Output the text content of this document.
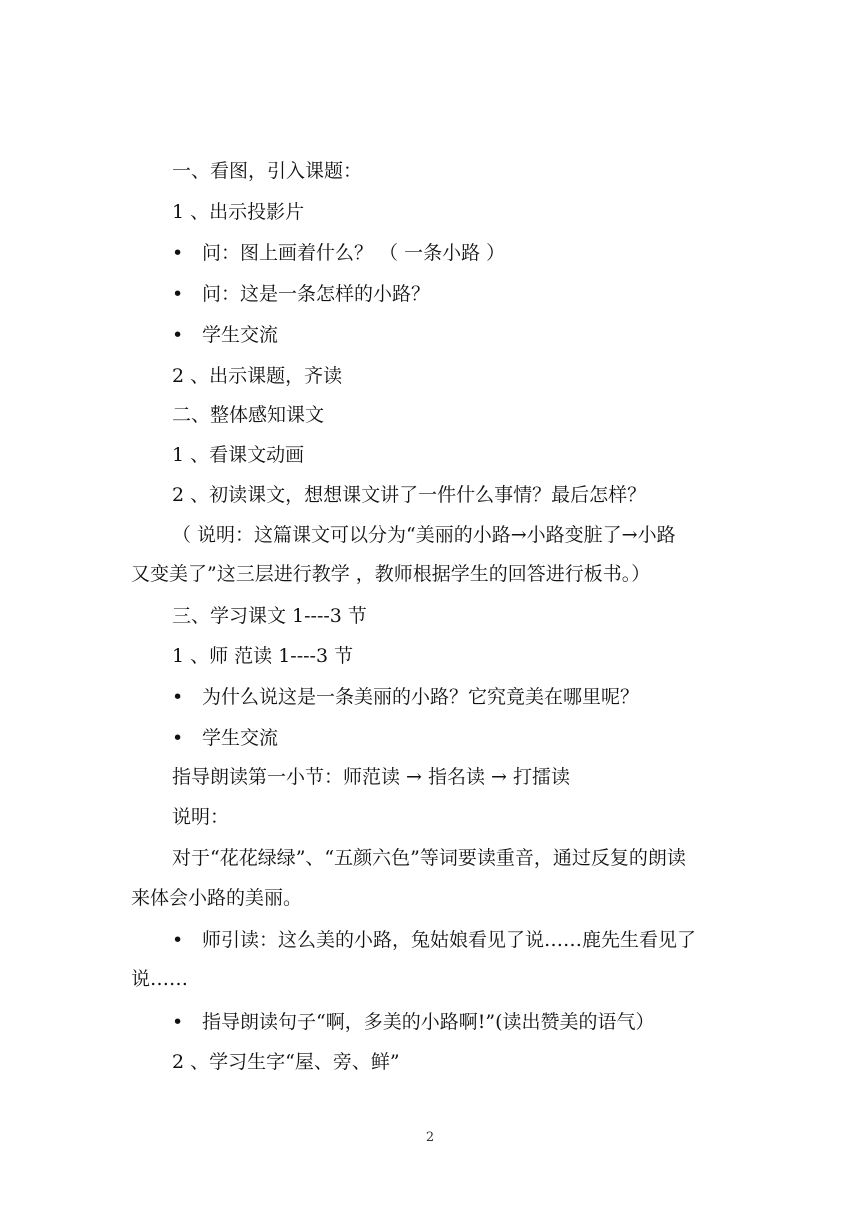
一、看图，引入课题：
1 、出示投影片
• 问：图上画着什么？ （ 一条小路 ）
• 问：这是一条怎样的小路？
• 学生交流
2 、出示课题，齐读
二、整体感知课文
1 、看课文动画
2 、初读课文，想想课文讲了一件什么事情？最后怎样？
（ 说明：这篇课文可以分为“美丽的小路→小路变脏了→小路
又变美了”这三层进行教学 ，教师根据学生的回答进行板书。）
三、学习课文 1----3 节
1 、师 范读 1----3 节
• 为什么说这是一条美丽的小路？它究竟美在哪里呢？
• 学生交流
指导朗读第一小节：师范读 → 指名读 → 打擂读
说明：
对于“花花绿绿”、“五颜六色”等词要读重音，通过反复的朗读
来体会小路的美丽。
• 师引读：这么美的小路，兔姑娘看见了说……鹿先生看见了
说……
• 指导朗读句子“啊，多美的小路啊!”(读出赞美的语气）
2 、学习生字“屋、旁、鲜”
2
